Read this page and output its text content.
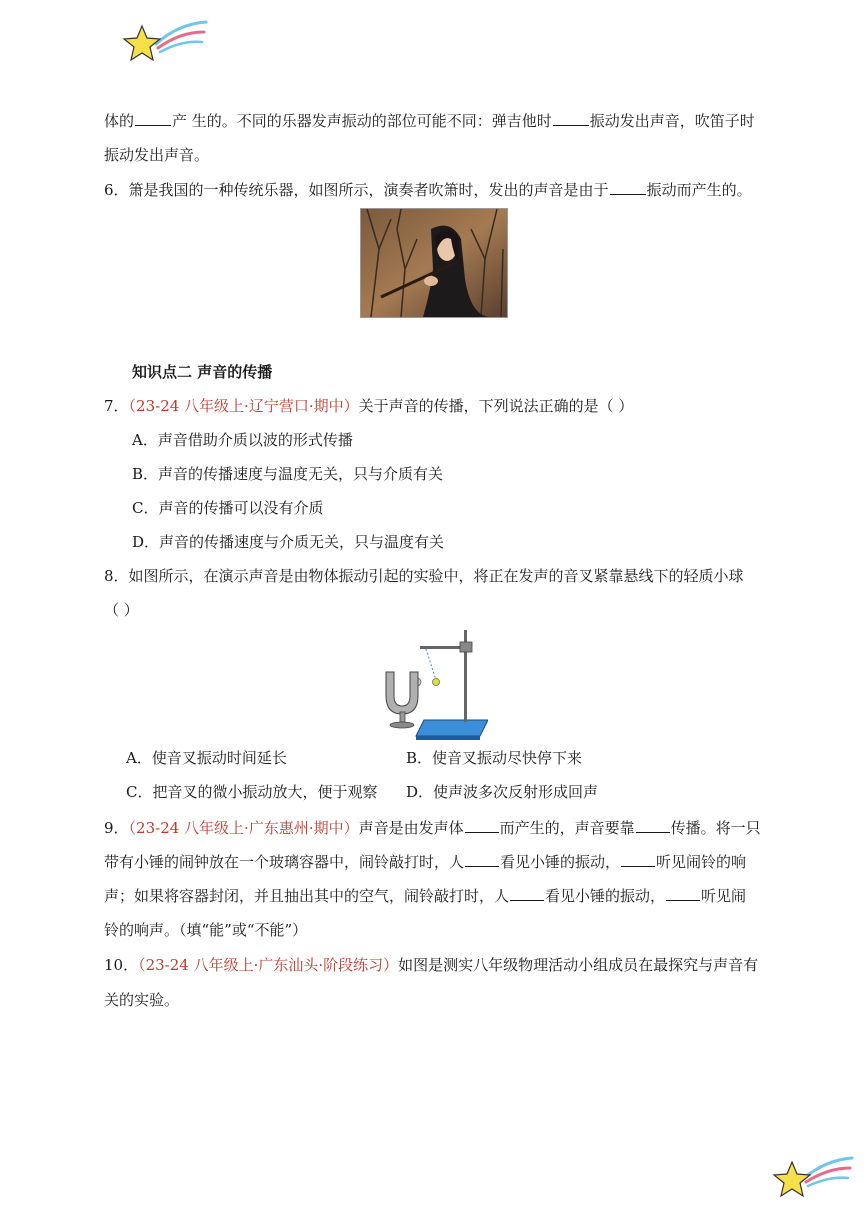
体的	产 生的。不同的乐器发声振动的部位可能不同：弹吉他时	振动发出声音，吹笛子时
振动发出声音。
6．箫是我国的一种传统乐器，如图所示，演奏者吹箫时，发出的声音是由于	振动而产生的。
知识点二 声音的传播
7．（23-24 八年级上·辽宁营口·期中）关于声音的传播，下列说法正确的是（ ）
A．声音借助介质以波的形式传播
B．声音的传播速度与温度无关，只与介质有关
C．声音的传播可以没有介质
D．声音的传播速度与介质无关，只与温度有关
8．如图所示，在演示声音是由物体振动引起的实验中，将正在发声的音叉紧靠悬线下的轻质小球
（ ）
A．使音叉振动时间延长	B．使音叉振动尽快停下来
C．把音叉的微小振动放大，便于观察 D．使声波多次反射形成回声
9．（23-24 八年级上·广东惠州·期中）声音是由发声体 而产生的，声音要靠 传播。将一只
带有小锤的闹钟放在一个玻璃容器中，闹铃敲打时，人 看见小锤的振动， 听见闹铃的响
声；如果将容器封闭，并且抽出其中的空气，闹铃敲打时，人 看见小锤的振动， 听见闹
铃的响声。（填“能”或“不能”）
10．（23-24 八年级上·广东汕头·阶段练习）如图是测实八年级物理活动小组成员在最探究与声音有
关的实验。
